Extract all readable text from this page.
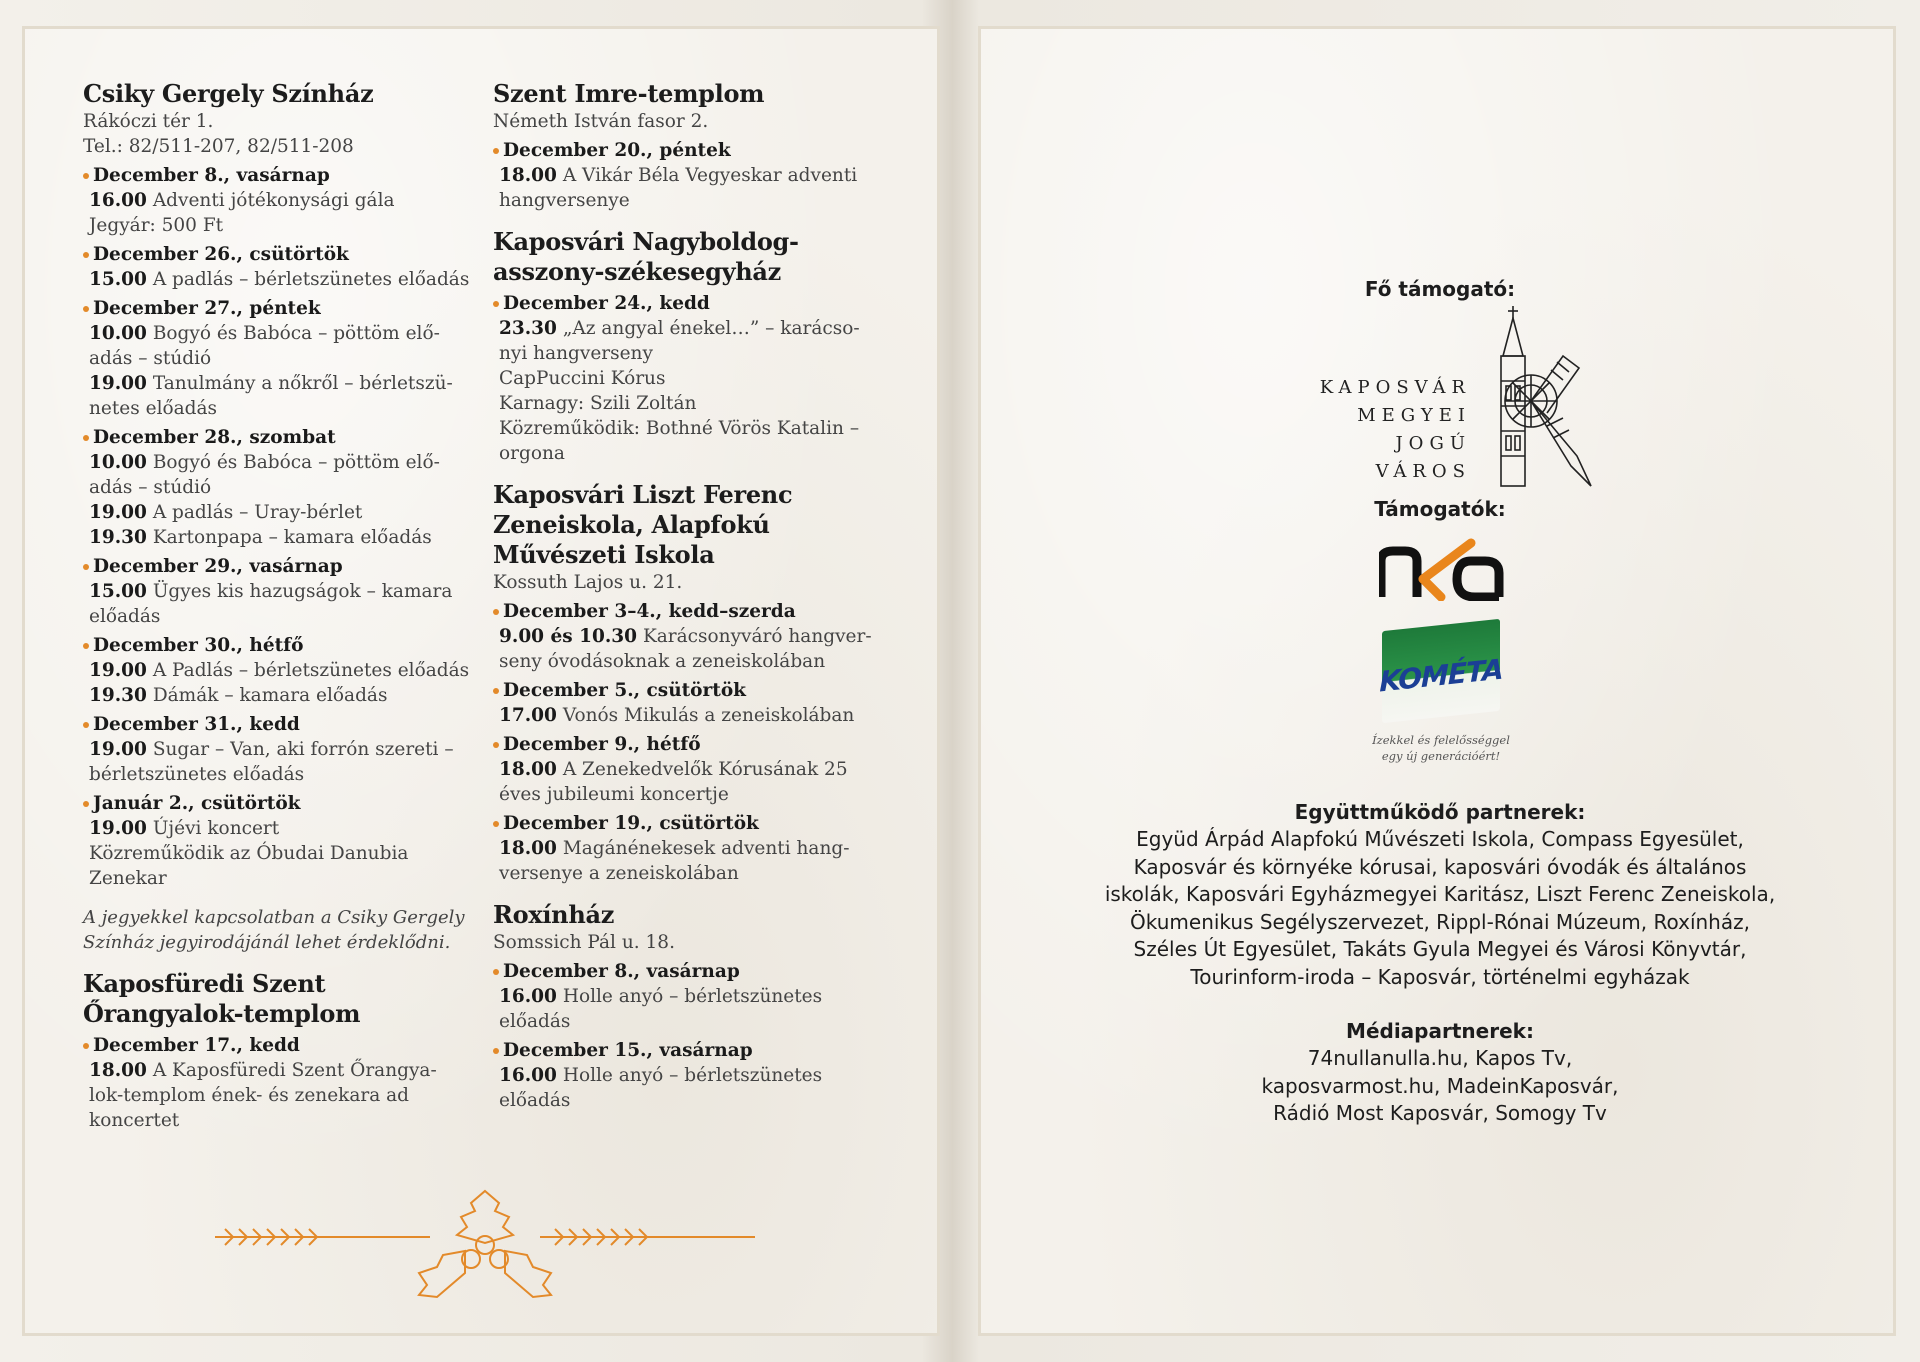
Csiky Gergely Színház
Rákóczi tér 1.
Tel.: 82/511-207, 82/511-208
December 8., vasárnap
16.00 Adventi jótékonysági gála
Jegyár: 500 Ft
December 26., csütörtök
15.00 A padlás – bérletszünetes előadás
December 27., péntek
10.00 Bogyó és Babóca – pöttöm elő-
adás – stúdió
19.00 Tanulmány a nőkről – bérletszü-
netes előadás
December 28., szombat
10.00 Bogyó és Babóca – pöttöm elő-
adás – stúdió
19.00 A padlás – Uray-bérlet
19.30 Kartonpapa – kamara előadás
December 29., vasárnap
15.00 Ügyes kis hazugságok – kamara
előadás
December 30., hétfő
19.00 A Padlás – bérletszünetes előadás
19.30 Dámák – kamara előadás
December 31., kedd
19.00 Sugar – Van, aki forrón szereti –
bérletszünetes előadás
Január 2., csütörtök
19.00 Újévi koncert
Közreműködik az Óbudai Danubia
Zenekar
A jegyekkel kapcsolatban a Csiky Gergely
Színház jegyirodájánál lehet érdeklődni.
Kaposfüredi Szent
Őrangyalok-templom
December 17., kedd
18.00 A Kaposfüredi Szent Őrangya-
lok-templom ének- és zenekara ad
koncertet
Szent Imre-templom
Németh István fasor 2.
December 20., péntek
18.00 A Vikár Béla Vegyeskar adventi
hangversenye
Kaposvári Nagyboldog-
asszony-székesegyház
December 24., kedd
23.30 „Az angyal énekel…” – karácso-
nyi hangverseny
CapPuccini Kórus
Karnagy: Szili Zoltán
Közreműködik: Bothné Vörös Katalin –
orgona
Kaposvári Liszt Ferenc
Zeneiskola, Alapfokú
Művészeti Iskola
Kossuth Lajos u. 21.
December 3–4., kedd–szerda
9.00 és 10.30 Karácsonyváró hangver-
seny óvodásoknak a zeneiskolában
December 5., csütörtök
17.00 Vonós Mikulás a zeneiskolában
December 9., hétfő
18.00 A Zenekedvelők Kórusának 25
éves jubileumi koncertje
December 19., csütörtök
18.00 Magánénekesek adventi hang-
versenye a zeneiskolában
Roxínház
Somssich Pál u. 18.
December 8., vasárnap
16.00 Holle anyó – bérletszünetes
előadás
December 15., vasárnap
16.00 Holle anyó – bérletszünetes
előadás
Fő támogató:
KAPOSVÁR
MEGYEI JOGÚ
VÁROS
Támogatók:
KOMÉTA
Ízekkel és felelősséggel
egy új generációért!
Együttműködő partnerek:
Együd Árpád Alapfokú Művészeti Iskola, Compass Egyesület,
Kaposvár és környéke kórusai, kaposvári óvodák és általános
iskolák, Kaposvári Egyházmegyei Karitász, Liszt Ferenc Zeneiskola,
Ökumenikus Segélyszervezet, Rippl-Rónai Múzeum, Roxínház,
Széles Út Egyesület, Takáts Gyula Megyei és Városi Könyvtár,
Tourinform-iroda – Kaposvár, történelmi egyházak
Médiapartnerek:
74nullanulla.hu, Kapos Tv,
kaposvarmost.hu, MadeinKaposvár,
Rádió Most Kaposvár, Somogy Tv
